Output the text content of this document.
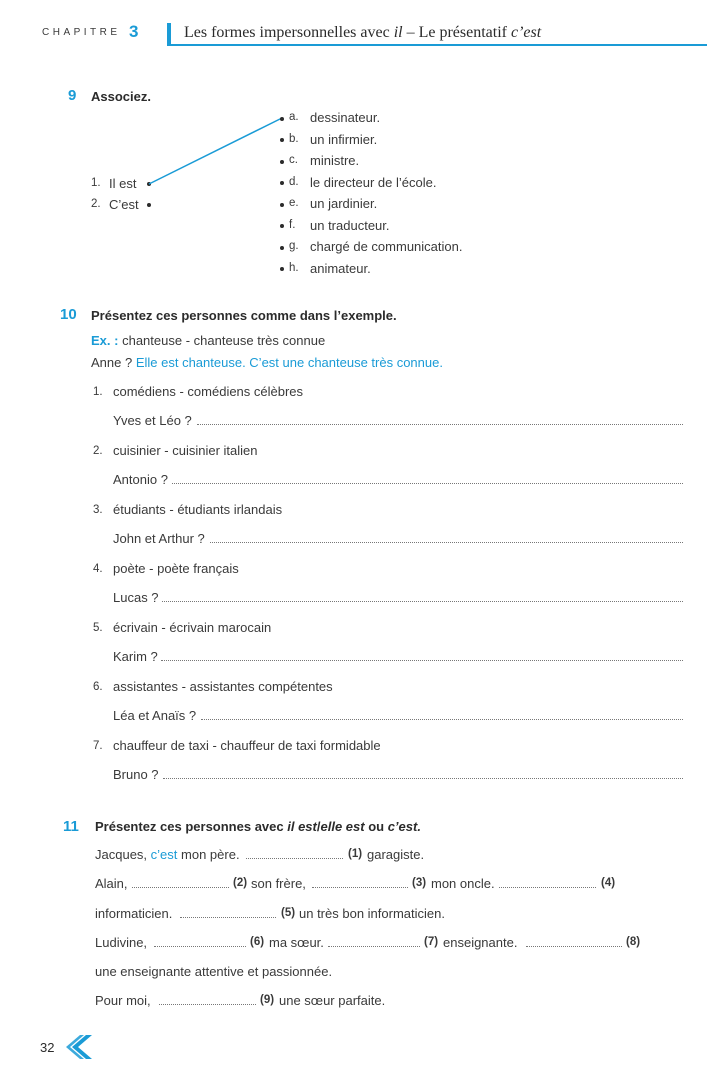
CHAPITRE 3	Les formes impersonnelles avec il – Le présentatif c’est
9 Associez.
1. Il est
2. C’est
a. dessinateur.
b. un infirmier.
c. ministre.
d. le directeur de l’école.
e. un jardinier.
f. un traducteur.
g. chargé de communication.
h. animateur.
10 Présentez ces personnes comme dans l’exemple.
Ex. : chanteuse - chanteuse très connue
Anne ? Elle est chanteuse. C’est une chanteuse très connue.
1. comédiens - comédiens célèbres
Yves et Léo ?
2. cuisinier - cuisinier italien
Antonio ?
3. étudiants - étudiants irlandais
John et Arthur ?
4. poète - poète français
Lucas ?
5. écrivain - écrivain marocain
Karim ?
6. assistantes - assistantes compétentes
Léa et Anaïs ?
7. chauffeur de taxi - chauffeur de taxi formidable
Bruno ?
11 Présentez ces personnes avec il est/elle est ou c’est.
Jacques, c’est mon père.	(1) garagiste.
Alain,	(2) son frère,	(3) mon oncle.	(4)
informaticien.	(5) un très bon informaticien.
Ludivine,	(6) ma sœur.	(7) enseignante.	(8)
une enseignante attentive et passionnée.
Pour moi,	(9) une sœur parfaite.
32
